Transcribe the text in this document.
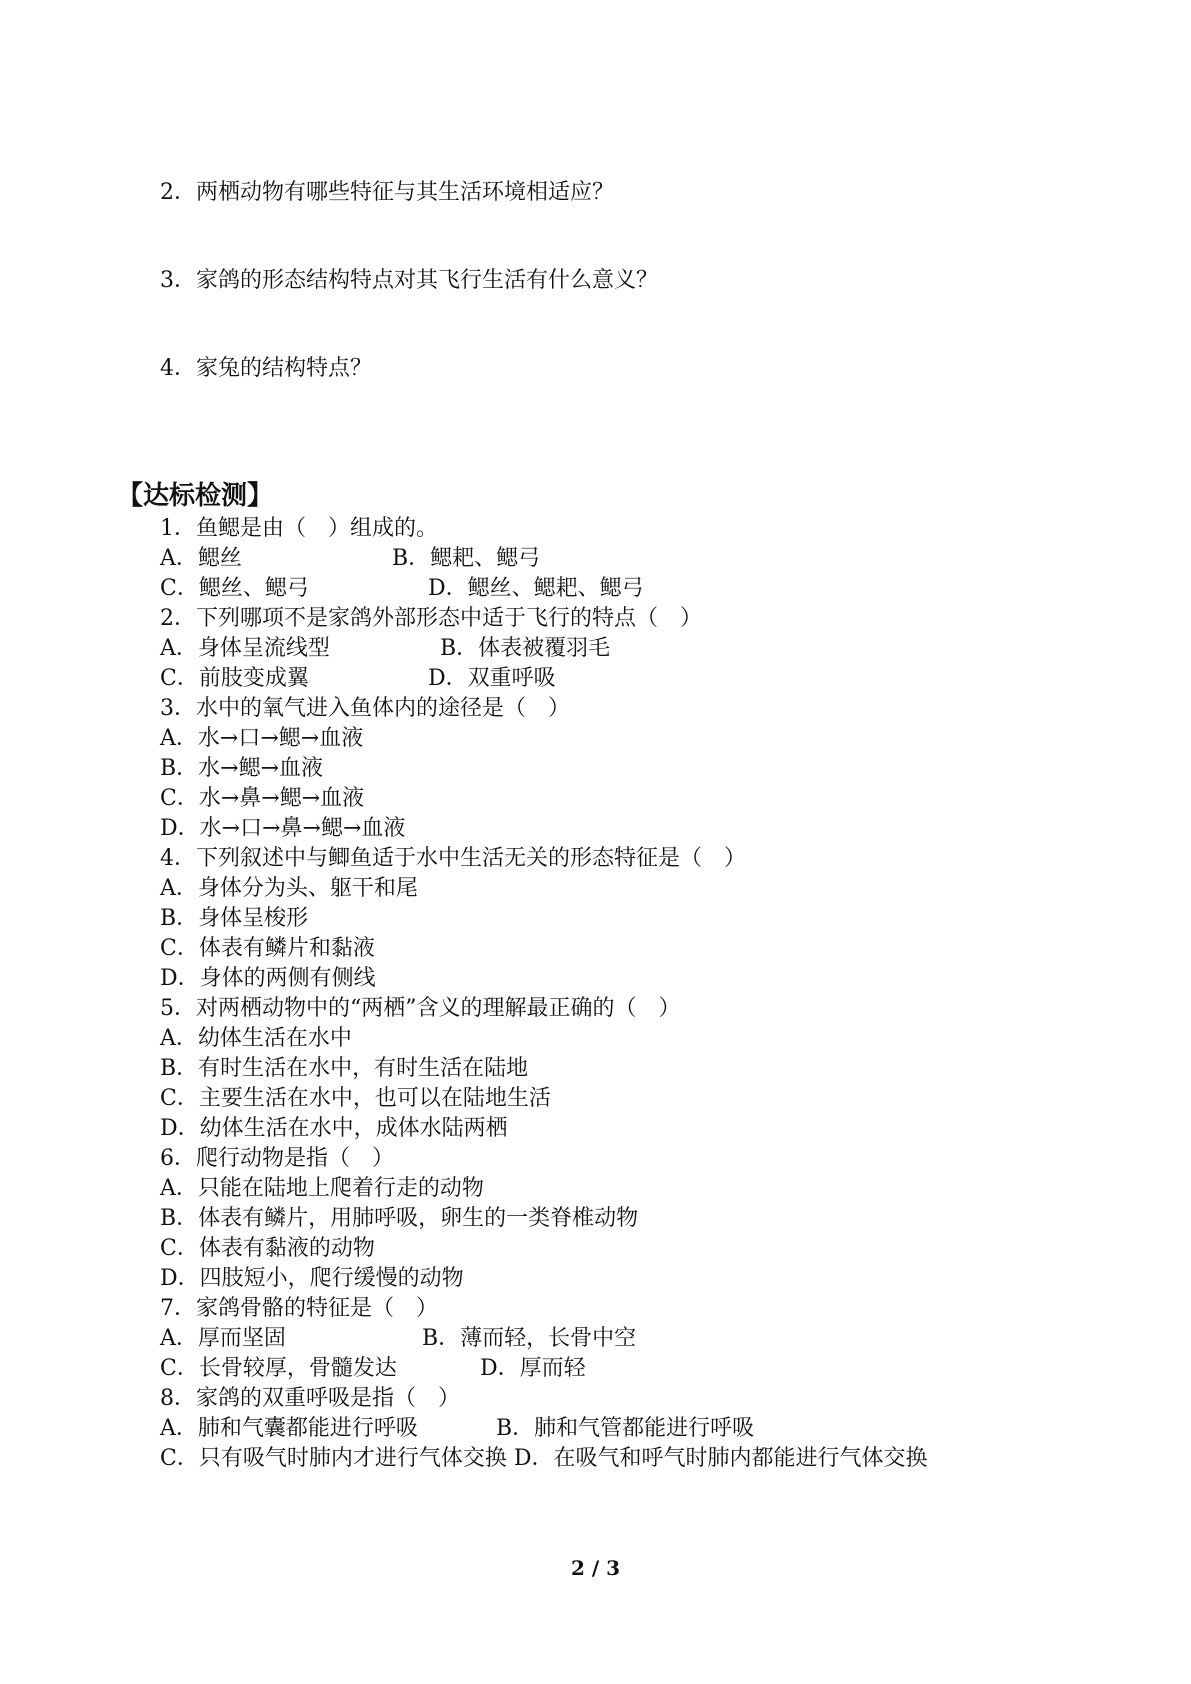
2．两栖动物有哪些特征与其生活环境相适应？
3．家鸽的形态结构特点对其飞行生活有什么意义？
4．家兔的结构特点？
【达标检测】
1．鱼鳃是由（　）组成的。
A．鳃丝	B．鳃耙、鳃弓
C．鳃丝、鳃弓	D．鳃丝、鳃耙、鳃弓
2．下列哪项不是家鸽外部形态中适于飞行的特点（　）
A．身体呈流线型	B．体表被覆羽毛
C．前肢变成翼	D．双重呼吸
3．水中的氧气进入鱼体内的途径是（　）
A．水→口→鳃→血液
B．水→鳃→血液
C．水→鼻→鳃→血液
D．水→口→鼻→鳃→血液
4．下列叙述中与鲫鱼适于水中生活无关的形态特征是（　）
A．身体分为头、躯干和尾
B．身体呈梭形
C．体表有鳞片和黏液
D．身体的两侧有侧线
5．对两栖动物中的“两栖”含义的理解最正确的（　）
A．幼体生活在水中
B．有时生活在水中，有时生活在陆地
C．主要生活在水中，也可以在陆地生活
D．幼体生活在水中，成体水陆两栖
6．爬行动物是指（　）
A．只能在陆地上爬着行走的动物
B．体表有鳞片，用肺呼吸，卵生的一类脊椎动物
C．体表有黏液的动物
D．四肢短小，爬行缓慢的动物
7．家鸽骨骼的特征是（　）
A．厚而坚固	B．薄而轻，长骨中空
C．长骨较厚，骨髓发达	D．厚而轻
8．家鸽的双重呼吸是指（　）
A．肺和气囊都能进行呼吸	B．肺和气管都能进行呼吸
C．只有吸气时肺内才进行气体交换 D．在吸气和呼气时肺内都能进行气体交换
2 / 3
